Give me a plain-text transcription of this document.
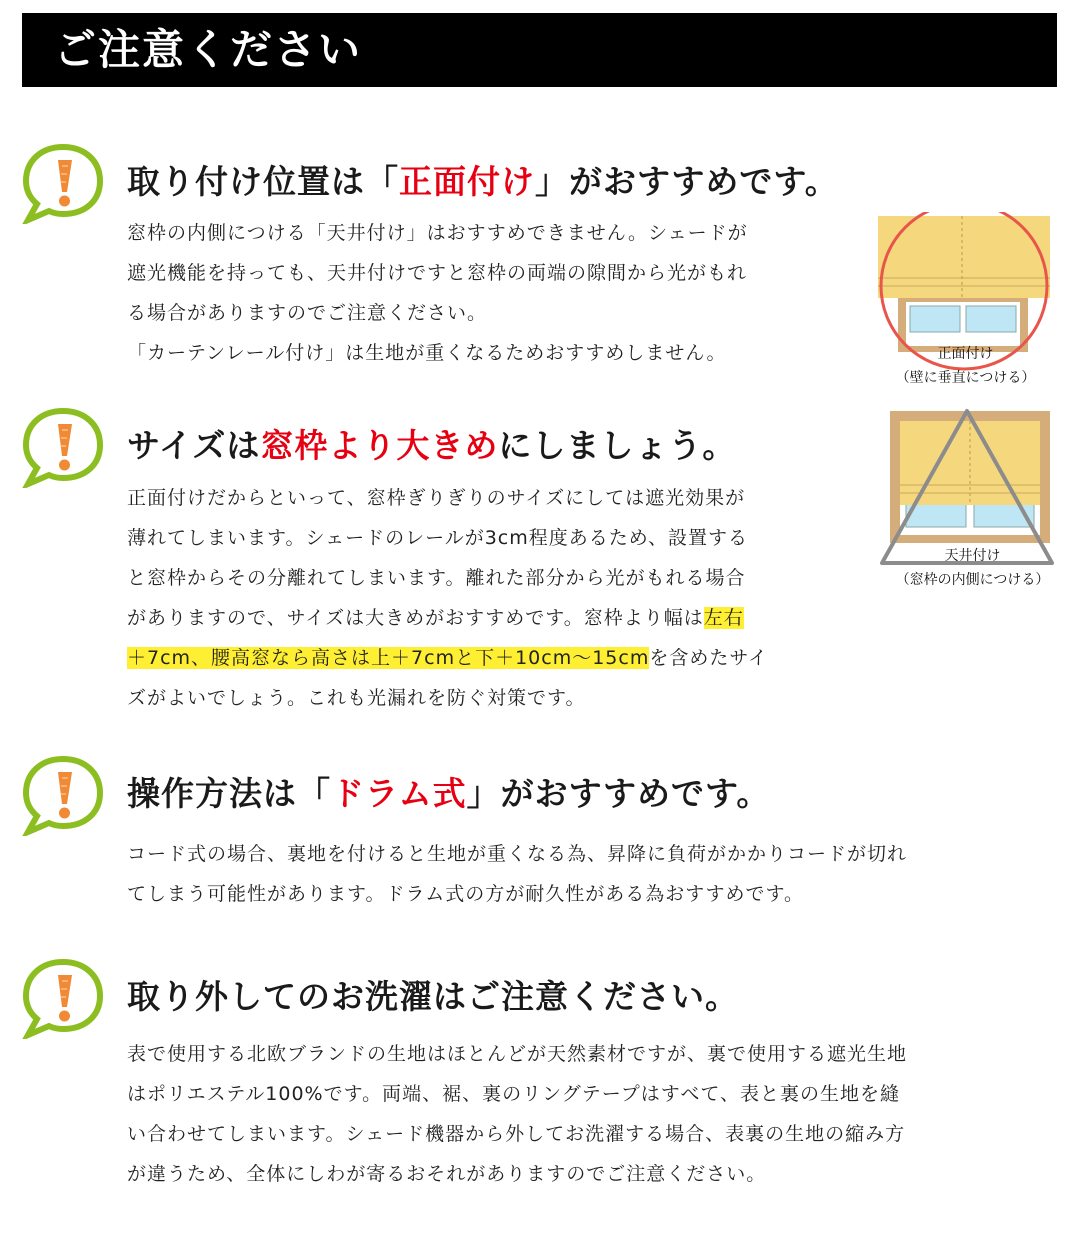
ご注意ください
取り付け位置は「正面付け」がおすすめです。

窓枠の内側につける「天井付け」はおすすめできません。シェードが

遮光機能を持っても、天井付けですと窓枠の両端の隙間から光がもれ

る場合がありますのでご注意ください。

「カーテンレール付け」は生地が重くなるためおすすめしません。	正面付け
（壁に垂直につける）
サイズは窓枠より大きめにしましょう。

正面付けだからといって、窓枠ぎりぎりのサイズにしては遮光効果が

薄れてしまいます。シェードのレールが3cm程度あるため、設置する

と窓枠からその分離れてしまいます。離れた部分から光がもれる場合

がありますので、サイズは大きめがおすすめです。窓枠より幅は左右

＋7cm、腰高窓なら高さは上＋7cmと下＋10cm〜15cmを含めたサイ

ズがよいでしょう。これも光漏れを防ぐ対策です。

天井付け
（窓枠の内側につける）
操作方法は「ドラム式」がおすすめです。

コード式の場合、裏地を付けると生地が重くなる為、昇降に負荷がかかりコードが切れ

てしまう可能性があります。ドラム式の方が耐久性がある為おすすめです。

取り外してのお洗濯はご注意ください。

表で使用する北欧ブランドの生地はほとんどが天然素材ですが、裏で使用する遮光生地

はポリエステル100%です。両端、裾、裏のリングテープはすべて、表と裏の生地を縫

い合わせてしまいます。シェード機器から外してお洗濯する場合、表裏の生地の縮み方

が違うため、全体にしわが寄るおそれがありますのでご注意ください。
